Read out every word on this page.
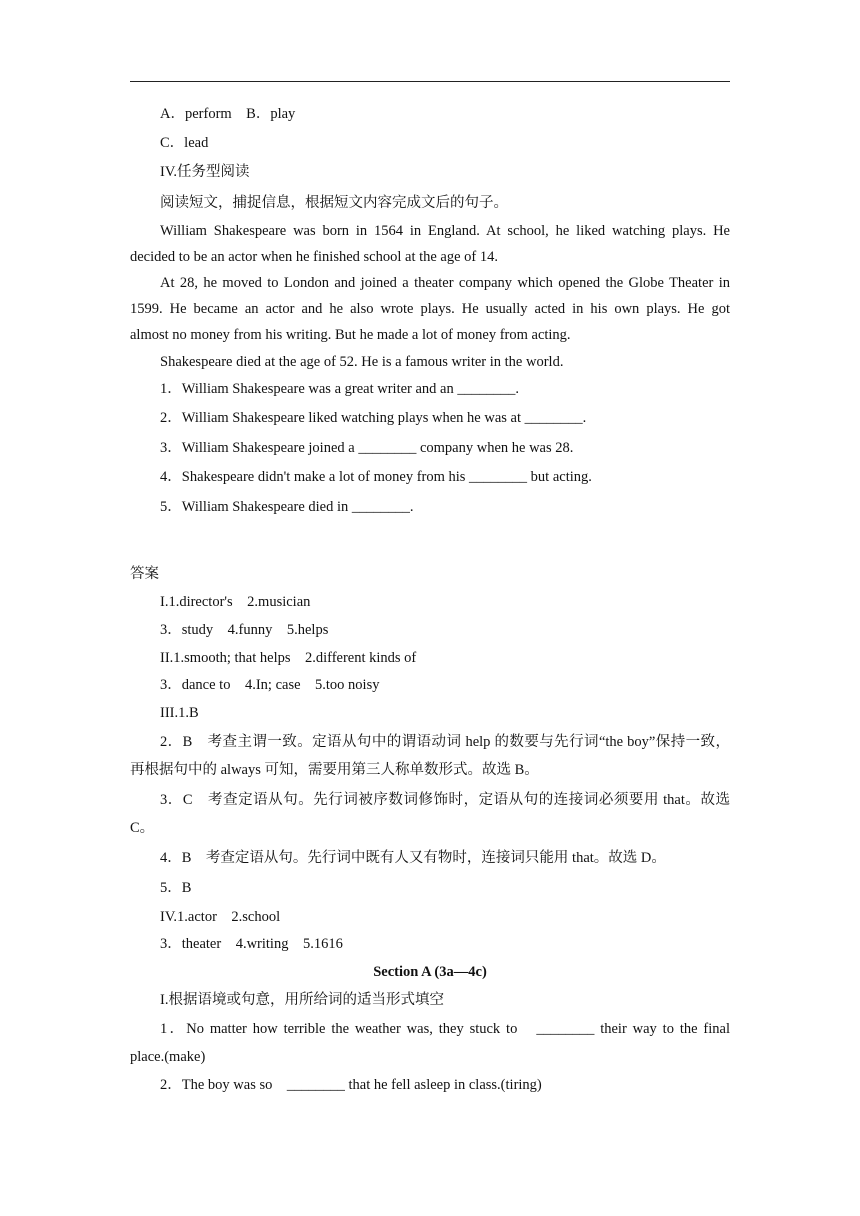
A．perform　B．play
C．lead
IV.任务型阅读
阅读短文，捕捉信息，根据短文内容完成文后的句子。
William Shakespeare was born in 1564 in England. At school, he liked watching plays. He
decided to be an actor when he finished school at the age of 14.
At 28, he moved to London and joined a theater company which opened the Globe Theater in
1599. He became an actor and he also wrote plays. He usually acted in his own plays. He got
almost no money from his writing. But he made a lot of money from acting.
Shakespeare died at the age of 52. He is a famous writer in the world.
1．William Shakespeare was a great writer and an ________.
2．William Shakespeare liked watching plays when he was at ________.
3．William Shakespeare joined a ________ company when he was 28.
4．Shakespeare didn't make a lot of money from his ________ but acting.
5．William Shakespeare died in ________.
答案
I.1.director's　2.musician
3．study　4.funny　5.helps
II.1.smooth; that helps　2.different kinds of
3．dance to　4.In; case　5.too noisy
III.1.B
2．B　考查主谓一致。定语从句中的谓语动词 help 的数要与先行词“the boy”保持一致，
再根据句中的 always 可知，需要用第三人称单数形式。故选 B。
3．C　考查定语从句。先行词被序数词修饰时，定语从句的连接词必须要用 that。故选
C。
4．B　考查定语从句。先行词中既有人又有物时，连接词只能用 that。故选 D。
5．B
IV.1.actor　2.school
3．theater　4.writing　5.1616
Section A (3a—4c)
I.根据语境或句意，用所给词的适当形式填空
1．No matter how terrible the weather was, they stuck to　________ their way to the final
place.(make)
2．The boy was so　________ that he fell asleep in class.(tiring)
